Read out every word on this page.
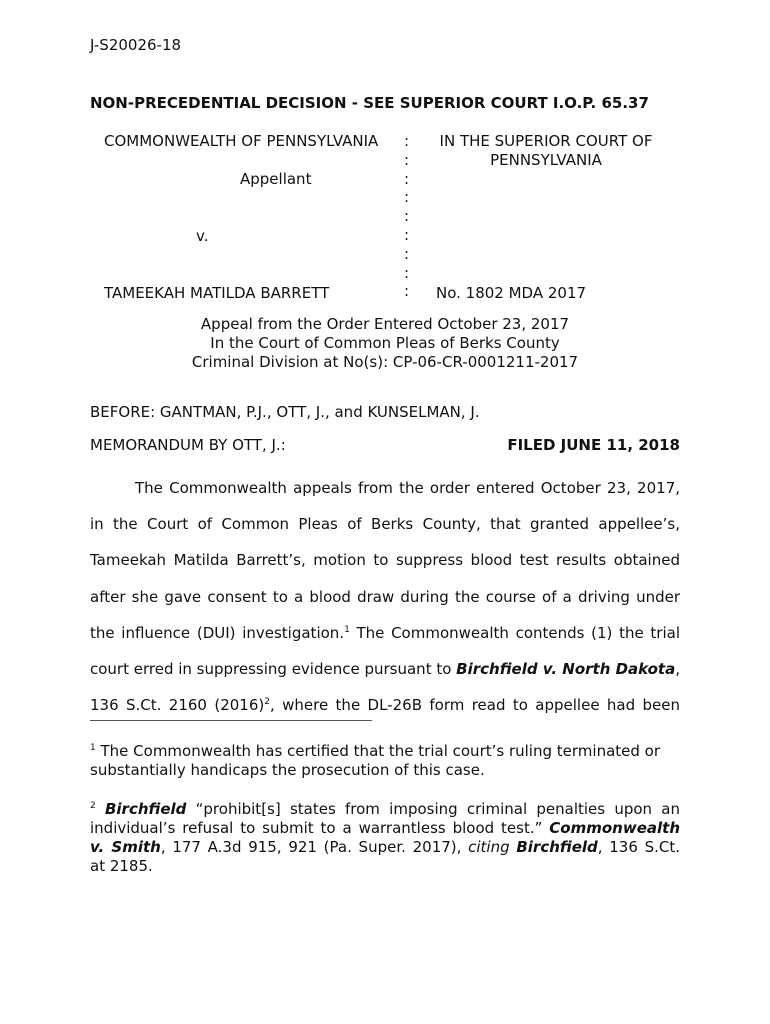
J-S20026-18
NON-PRECEDENTIAL DECISION - SEE SUPERIOR COURT I.O.P. 65.37
COMMONWEALTH OF PENNSYLVANIA
Appellant
v.
TAMEEKAH MATILDA BARRETT
:
:
:
:
:
:
:
:
:
IN THE SUPERIOR COURT OF
PENNSYLVANIA
No. 1802 MDA 2017
Appeal from the Order Entered October 23, 2017
In the Court of Common Pleas of Berks County
Criminal Division at No(s): CP-06-CR-0001211-2017
BEFORE: GANTMAN, P.J., OTT, J., and KUNSELMAN, J.
MEMORANDUM BY OTT, J.:	FILED JUNE 11, 2018
The Commonwealth appeals from the order entered October 23, 2017,
in the Court of Common Pleas of Berks County, that granted appellee’s,
Tameekah Matilda Barrett’s, motion to suppress blood test results obtained
after she gave consent to a blood draw during the course of a driving under
the influence (DUI) investigation.$^1$ The Commonwealth contends (1) the trial
court erred in suppressing evidence pursuant to Birchfield v. North Dakota,
136 S.Ct. 2160 $(2016)^2$, where the DL-26B form read to appellee had been
$^1$ The Commonwealth has certified that the trial court’s ruling terminated or
substantially handicaps the prosecution of this case.
$^2$ Birchfield “prohibit[s] states from imposing criminal penalties upon an
individual’s refusal to submit to a warrantless blood test.” Commonwealth
v. Smith, 177 A.3d 915, 921 (Pa. Super. 2017), citing Birchfield, 136 S.Ct.
at 2185.
